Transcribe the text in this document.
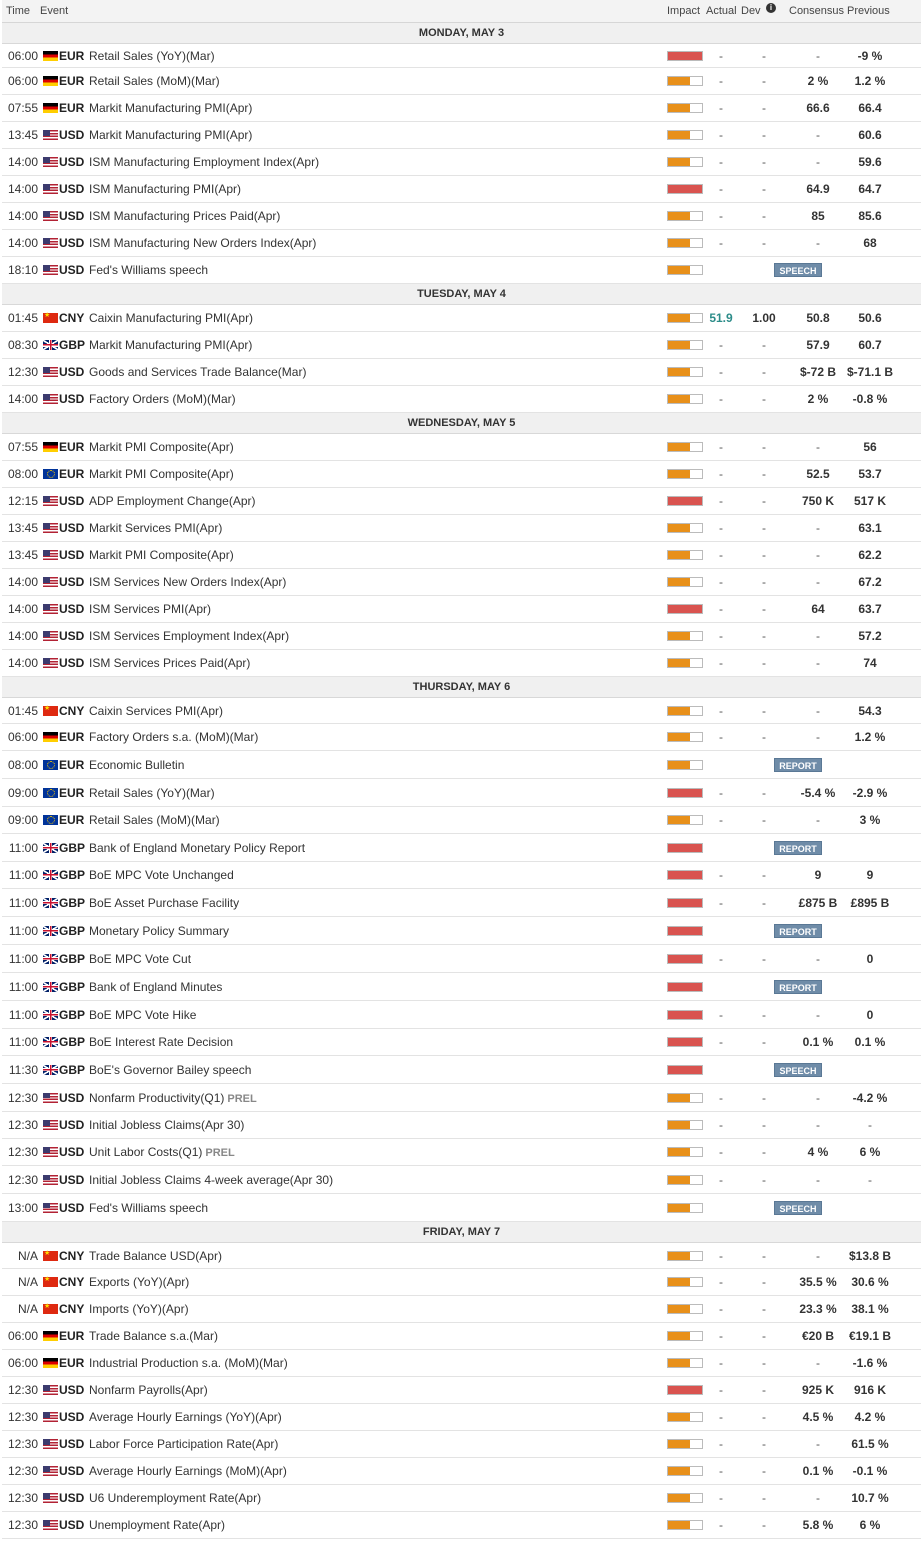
Time Event	Impact Actual Dev	i	Consensus Previous
MONDAY, MAY 3
06:00 EUR Retail Sales (YoY)(Mar)	-	-	-	-9 %
06:00 EUR Retail Sales (MoM)(Mar)	-	-	2 %	1.2 %
07:55 EUR Markit Manufacturing PMI(Apr)	-	-	66.6	66.4
13:45 USD Markit Manufacturing PMI(Apr)	-	-	-	60.6
14:00 USD ISM Manufacturing Employment Index(Apr)	-	-	-	59.6
14:00 USD ISM Manufacturing PMI(Apr)	-	-	64.9	64.7
14:00 USD ISM Manufacturing Prices Paid(Apr)	-	-	85	85.6
14:00 USD ISM Manufacturing New Orders Index(Apr)	-	-	-	68
18:10 USD Fed's Williams speech	SPEECH
TUESDAY, MAY 4
01:45 ★ CNY Caixin Manufacturing PMI(Apr)	51.9	1.00	50.8	50.6
08:30 GBP Markit Manufacturing PMI(Apr)	-	-	57.9	60.7
12:30 USD Goods and Services Trade Balance(Mar)	-	-	$-72 B $-71.1 B
14:00 USD Factory Orders (MoM)(Mar)	-	-	2 %	-0.8 %
WEDNESDAY, MAY 5
07:55 EUR Markit PMI Composite(Apr)	-	-	-	56
08:00 EUR Markit PMI Composite(Apr)	-	-	52.5	53.7
12:15 USD ADP Employment Change(Apr)	-	-	750 K	517 K
13:45 USD Markit Services PMI(Apr)	-	-	-	63.1
13:45 USD Markit PMI Composite(Apr)	-	-	-	62.2
14:00 USD ISM Services New Orders Index(Apr)	-	-	-	67.2
14:00 USD ISM Services PMI(Apr)	-	-	64	63.7
14:00 USD ISM Services Employment Index(Apr)	-	-	-	57.2
14:00 USD ISM Services Prices Paid(Apr)	-	-	-	74
THURSDAY, MAY 6
01:45 ★ CNY Caixin Services PMI(Apr)	-	-	-	54.3
06:00 EUR Factory Orders s.a. (MoM)(Mar)	-	-	-	1.2 %
08:00 EUR Economic Bulletin	REPORT
09:00 EUR Retail Sales (YoY)(Mar)	-	-	-5.4 %	-2.9 %
09:00 EUR Retail Sales (MoM)(Mar)	-	-	-	3 %
11:00 GBP Bank of England Monetary Policy Report	REPORT
11:00 GBP BoE MPC Vote Unchanged	-	-	9	9
11:00 GBP BoE Asset Purchase Facility	-	-	£875 B	£895 B
11:00 GBP Monetary Policy Summary	REPORT
11:00 GBP BoE MPC Vote Cut	-	-	-	0
11:00 GBP Bank of England Minutes	REPORT
11:00 GBP BoE MPC Vote Hike	-	-	-	0
11:00 GBP BoE Interest Rate Decision	-	-	0.1 %	0.1 %
11:30 GBP BoE's Governor Bailey speech	SPEECH
12:30 USD Nonfarm Productivity(Q1) PREL	-	-	-	-4.2 %
12:30 USD Initial Jobless Claims(Apr 30)	-	-	-	-
12:30 USD Unit Labor Costs(Q1) PREL	-	-	4 %	6 %
12:30 USD Initial Jobless Claims 4-week average(Apr 30)	-	-	-	-
13:00 USD Fed's Williams speech	SPEECH
FRIDAY, MAY 7
N/A ★ CNY Trade Balance USD(Apr)	-	-	-	$13.8 B
N/A ★ CNY Exports (YoY)(Apr)	-	-	35.5 %	30.6 %
N/A ★ CNY Imports (YoY)(Apr)	-	-	23.3 %	38.1 %
06:00 EUR Trade Balance s.a.(Mar)	-	-	€20 B	€19.1 B
06:00 EUR Industrial Production s.a. (MoM)(Mar)	-	-	-	-1.6 %
12:30 USD Nonfarm Payrolls(Apr)	-	-	925 K	916 K
12:30 USD Average Hourly Earnings (YoY)(Apr)	-	-	4.5 %	4.2 %
12:30 USD Labor Force Participation Rate(Apr)	-	-	-	61.5 %
12:30 USD Average Hourly Earnings (MoM)(Apr)	-	-	0.1 %	-0.1 %
12:30 USD U6 Underemployment Rate(Apr)	-	-	-	10.7 %
12:30 USD Unemployment Rate(Apr)	-	-	5.8 %	6 %
